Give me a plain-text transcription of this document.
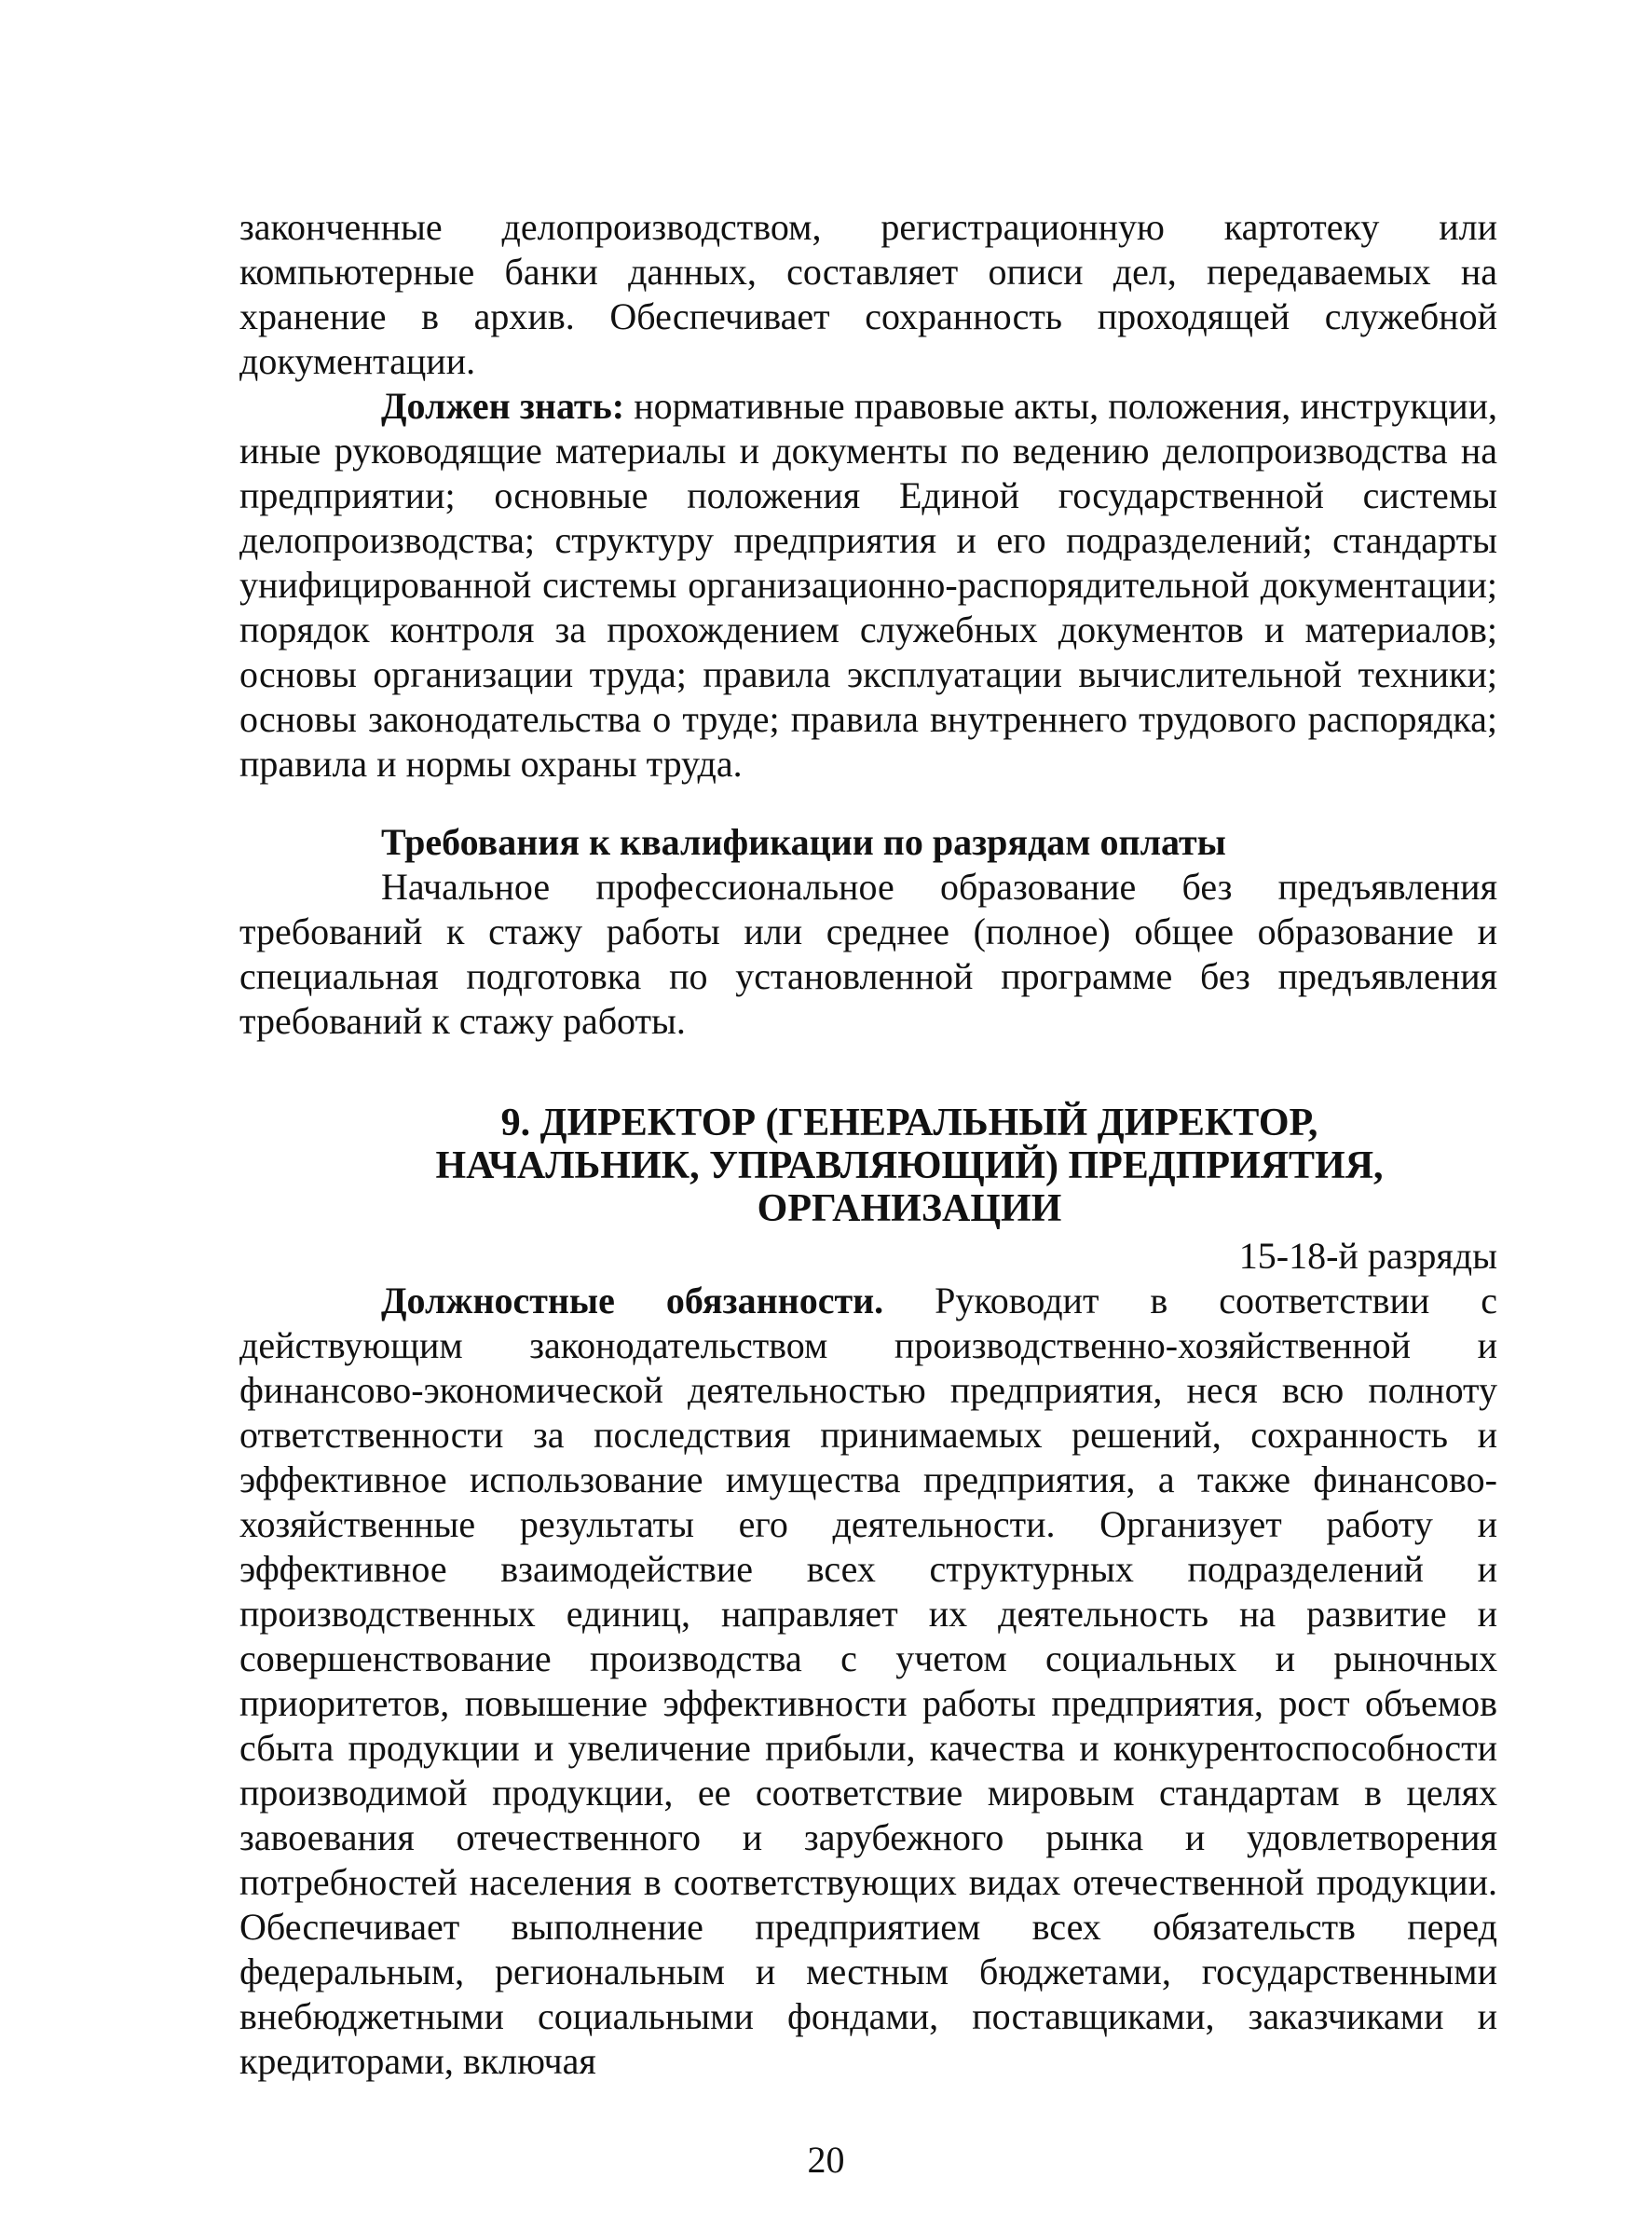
законченные делопроизводством, регистрационную картотеку или компьютерные банки данных, составляет описи дел, передаваемых на хранение в архив. Обеспечивает сохранность проходящей служебной документации.

Должен знать: нормативные правовые акты, положения, инструкции, иные руководящие материалы и документы по ведению делопроизводства на предприятии; основные положения Единой государственной системы делопроизводства; структуру предприятия и его подразделений; стандарты унифицированной системы организационно-распорядительной документации; порядок контроля за прохождением служебных документов и материалов; основы организации труда; правила эксплуатации вычислительной техники; основы законодательства о труде; правила внутреннего трудового распорядка; правила и нормы охраны труда.

Требования к квалификации по разрядам оплаты

Начальное профессиональное образование без предъявления требований к стажу работы или среднее (полное) общее образование и специальная подготовка по установленной программе без предъявления требований к стажу работы.

9. ДИРЕКТОР (ГЕНЕРАЛЬНЫЙ ДИРЕКТОР,
НАЧАЛЬНИК, УПРАВЛЯЮЩИЙ) ПРЕДПРИЯТИЯ,
ОРГАНИЗАЦИИ

15-18-й разряды

Должностные обязанности. Руководит в соответствии с действующим законодательством производственно-хозяйственной и финансово-экономической деятельностью предприятия, неся всю полноту ответственности за последствия принимаемых решений, сохранность и эффективное использование имущества предприятия, а также финансово-хозяйственные результаты его деятельности. Организует работу и эффективное взаимодействие всех структурных подразделений и производственных единиц, направляет их деятельность на развитие и совершенствование производства с учетом социальных и рыночных приоритетов, повышение эффективности работы предприятия, рост объемов сбыта продукции и увеличение прибыли, качества и конкурентоспособности производимой продукции, ее соответствие мировым стандартам в целях завоевания отечественного и зарубежного рынка и удовлетворения потребностей населения в соответствующих видах отечественной продукции. Обеспечивает выполнение предприятием всех обязательств перед федеральным, региональным и местным бюджетами, государственными внебюджетными социальными фондами, поставщиками, заказчиками и кредиторами, включая

20
